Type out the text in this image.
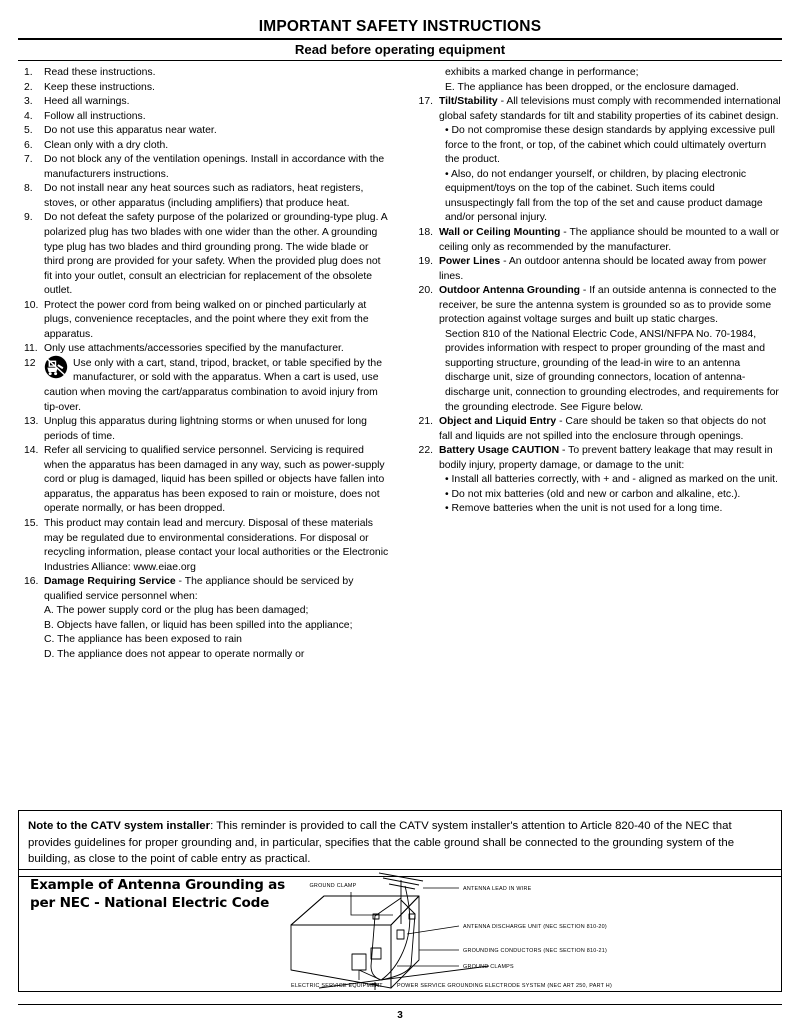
IMPORTANT SAFETY INSTRUCTIONS
Read before operating equipment
1.	Read these instructions.
2.	Keep these instructions.
3.	Heed all warnings.
4.	Follow all instructions.
5.	Do not use this apparatus near water.
6.	Clean only with a dry cloth.
7.	Do not block any of the ventilation openings. Install in accordance with the manufacturers instructions.
8.	Do not install near any heat sources such as radiators, heat registers, stoves, or other apparatus (including amplifiers) that produce heat.
9.	Do not defeat the safety purpose of the polarized or grounding-type plug. A polarized plug has two blades with one wider than the other. A grounding type plug has two blades and third grounding prong. The wide blade or third prong are provided for your safety. When the provided plug does not fit into your outlet, consult an electrician for replacement of the obsolete outlet.
10. Protect the power cord from being walked on or pinched particularly at plugs, convenience receptacles, and the point where they exit from the apparatus.
11. Only use attachments/accessories specified by the manufacturer.
12	Use only with a cart, stand, tripod, bracket, or table specified by the manufacturer, or sold with the apparatus. When a cart is used, use caution when moving the cart/apparatus combination to avoid injury from tip-over.
13. Unplug this apparatus during lightning storms or when unused for long periods of time.
14. Refer all servicing to qualified service personnel. Servicing is required when the apparatus has been damaged in any way, such as power-supply cord or plug is damaged, liquid has been spilled or objects have fallen into apparatus, the apparatus has been exposed to rain or moisture, does not operate normally, or has been dropped.
15. This product may contain lead and mercury. Disposal of these materials may be regulated due to environmental considerations. For disposal or recycling information, please contact your local authorities or the Electronic Industries Alliance: www.eiae.org
16. Damage Requiring Service - The appliance should be serviced by qualified service personnel when:
A. The power supply cord or the plug has been damaged;
B. Objects have fallen, or liquid has been spilled into the appliance;
C. The appliance has been exposed to rain
D. The appliance does not appear to operate normally or
exhibits a marked change in performance;
E. The appliance has been dropped, or the enclosure damaged.
17. Tilt/Stability - All televisions must comply with recommended international global safety standards for tilt and stability properties of its cabinet design.
• Do not compromise these design standards by applying excessive pull force to the front, or top, of the cabinet which could ultimately overturn the product.
• Also, do not endanger yourself, or children, by placing electronic equipment/toys on the top of the cabinet. Such items could unsuspectingly fall from the top of the set and cause product damage and/or personal injury.
18. Wall or Ceiling Mounting - The appliance should be mounted to a wall or ceiling only as recommended by the manufacturer.
19. Power Lines - An outdoor antenna should be located away from power lines.
20. Outdoor Antenna Grounding - If an outside antenna is connected to the receiver, be sure the antenna system is grounded so as to provide some protection against voltage surges and built up static charges.
Section 810 of the National Electric Code, ANSI/NFPA No. 70-1984, provides information with respect to proper grounding of the mast and supporting structure, grounding of the lead-in wire to an antenna discharge unit, size of grounding connectors, location of antenna-discharge unit, connection to grounding electrodes, and requirements for the grounding electrode. See Figure below.
21. Object and Liquid Entry - Care should be taken so that objects do not fall and liquids are not spilled into the enclosure through openings.
22. Battery Usage CAUTION - To prevent battery leakage that may result in bodily injury, property damage, or damage to the unit:
• Install all batteries correctly, with + and - aligned as marked on the unit.
• Do not mix batteries (old and new or carbon and alkaline, etc.).
• Remove batteries when the unit is not used for a long time.
Note to the CATV system installer: This reminder is provided to call the CATV system installer's attention to Article 820-40 of the NEC that provides guidelines for proper grounding and, in particular, specifies that the cable ground shall be connected to the grounding system of the building, as close to the point of cable entry as practical.
Example of Antenna Grounding as
per NEC - National Electric Code
GROUND CLAMP	ANTENNA LEAD IN WIRE
ANTENNA DISCHARGE UNIT (NEC SECTION 810-20)
GROUNDING CONDUCTORS (NEC SECTION 810-21)
GROUND CLAMPS
ELECTRIC SERVICE EQUIPMENT	POWER SERVICE GROUNDING ELECTRODE SYSTEM (NEC ART 250, PART H)
3
